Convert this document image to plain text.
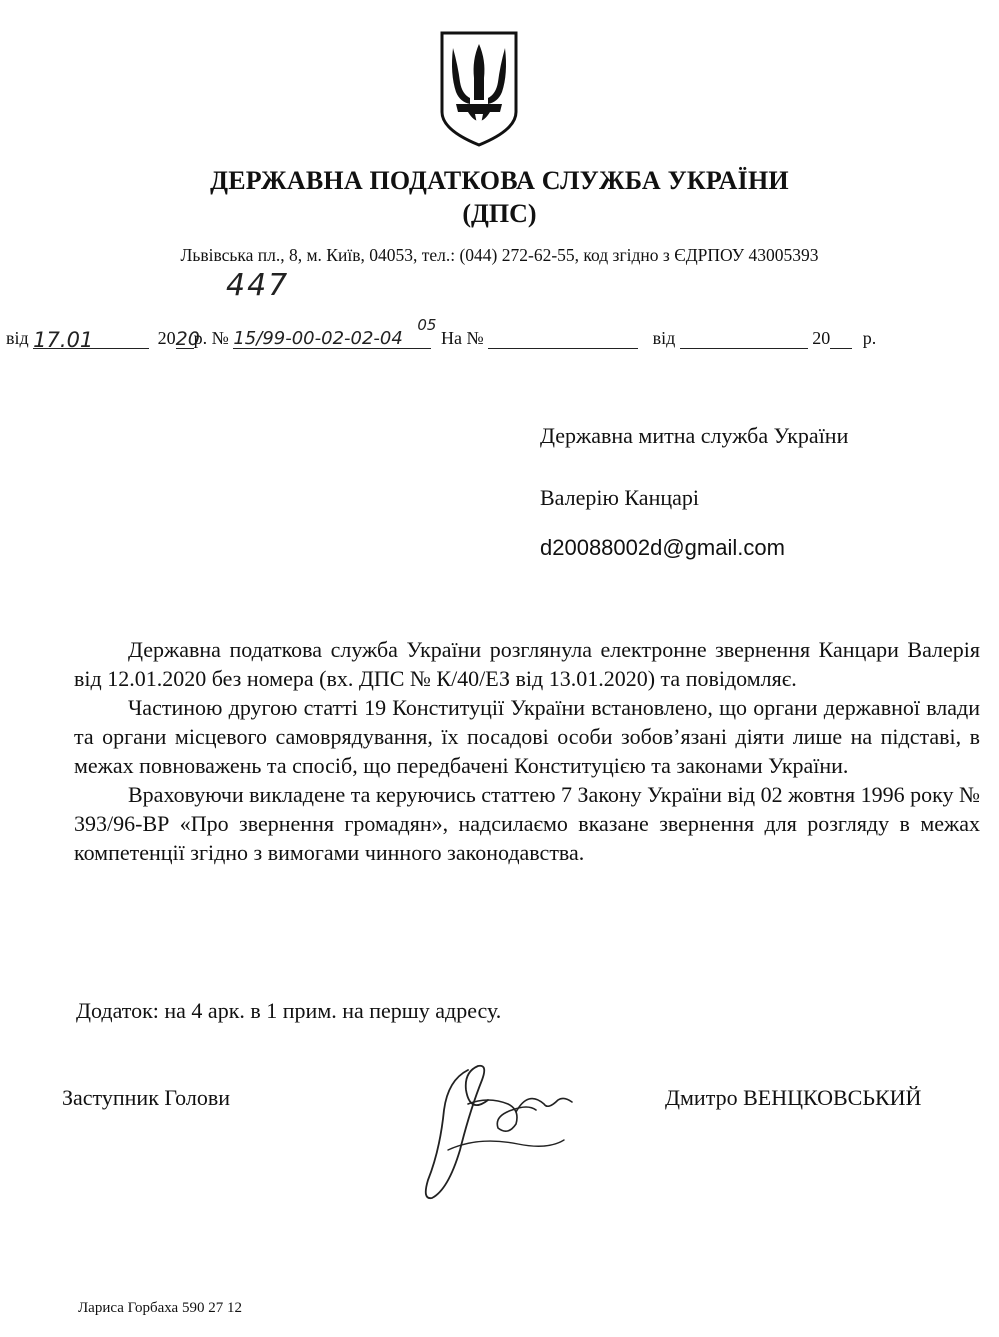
ДЕРЖАВНА ПОДАТКОВА СЛУЖБА УКРАЇНИ
(ДПС)
Львівська пл., 8, м. Київ, 04053, тел.: (044) 272-62-55, код згідно з ЄДРПОУ 43005393
447
від 17.01	2020р. № 15/99-00-02-02-0405 На №	від	20 р.
Державна митна служба України
Валерію Канцарі
d20088002d@gmail.com

Державна податкова служба України розглянула електронне звернення Канцари Валерія від 12.01.2020 без номера (вх. ДПС № К/40/ЕЗ від 13.01.2020) та повідомляє.

Частиною другою статті 19 Конституції України встановлено, що органи державної влади та органи місцевого самоврядування, їх посадові особи зобов’язані діяти лише на підставі, в межах повноважень та спосіб, що передбачені Конституцією та законами України.

Враховуючи викладене та керуючись статтею 7 Закону України від 02 жовтня 1996 року № 393/96-ВР «Про звернення громадян», надсилаємо вказане звернення для розгляду в межах компетенції згідно з вимогами чинного законодавства.

Додаток: на 4 арк. в 1 прим. на першу адресу.
Заступник Голови	Дмитро ВЕНЦКОВСЬКИЙ
Лариса Горбаха 590 27 12
